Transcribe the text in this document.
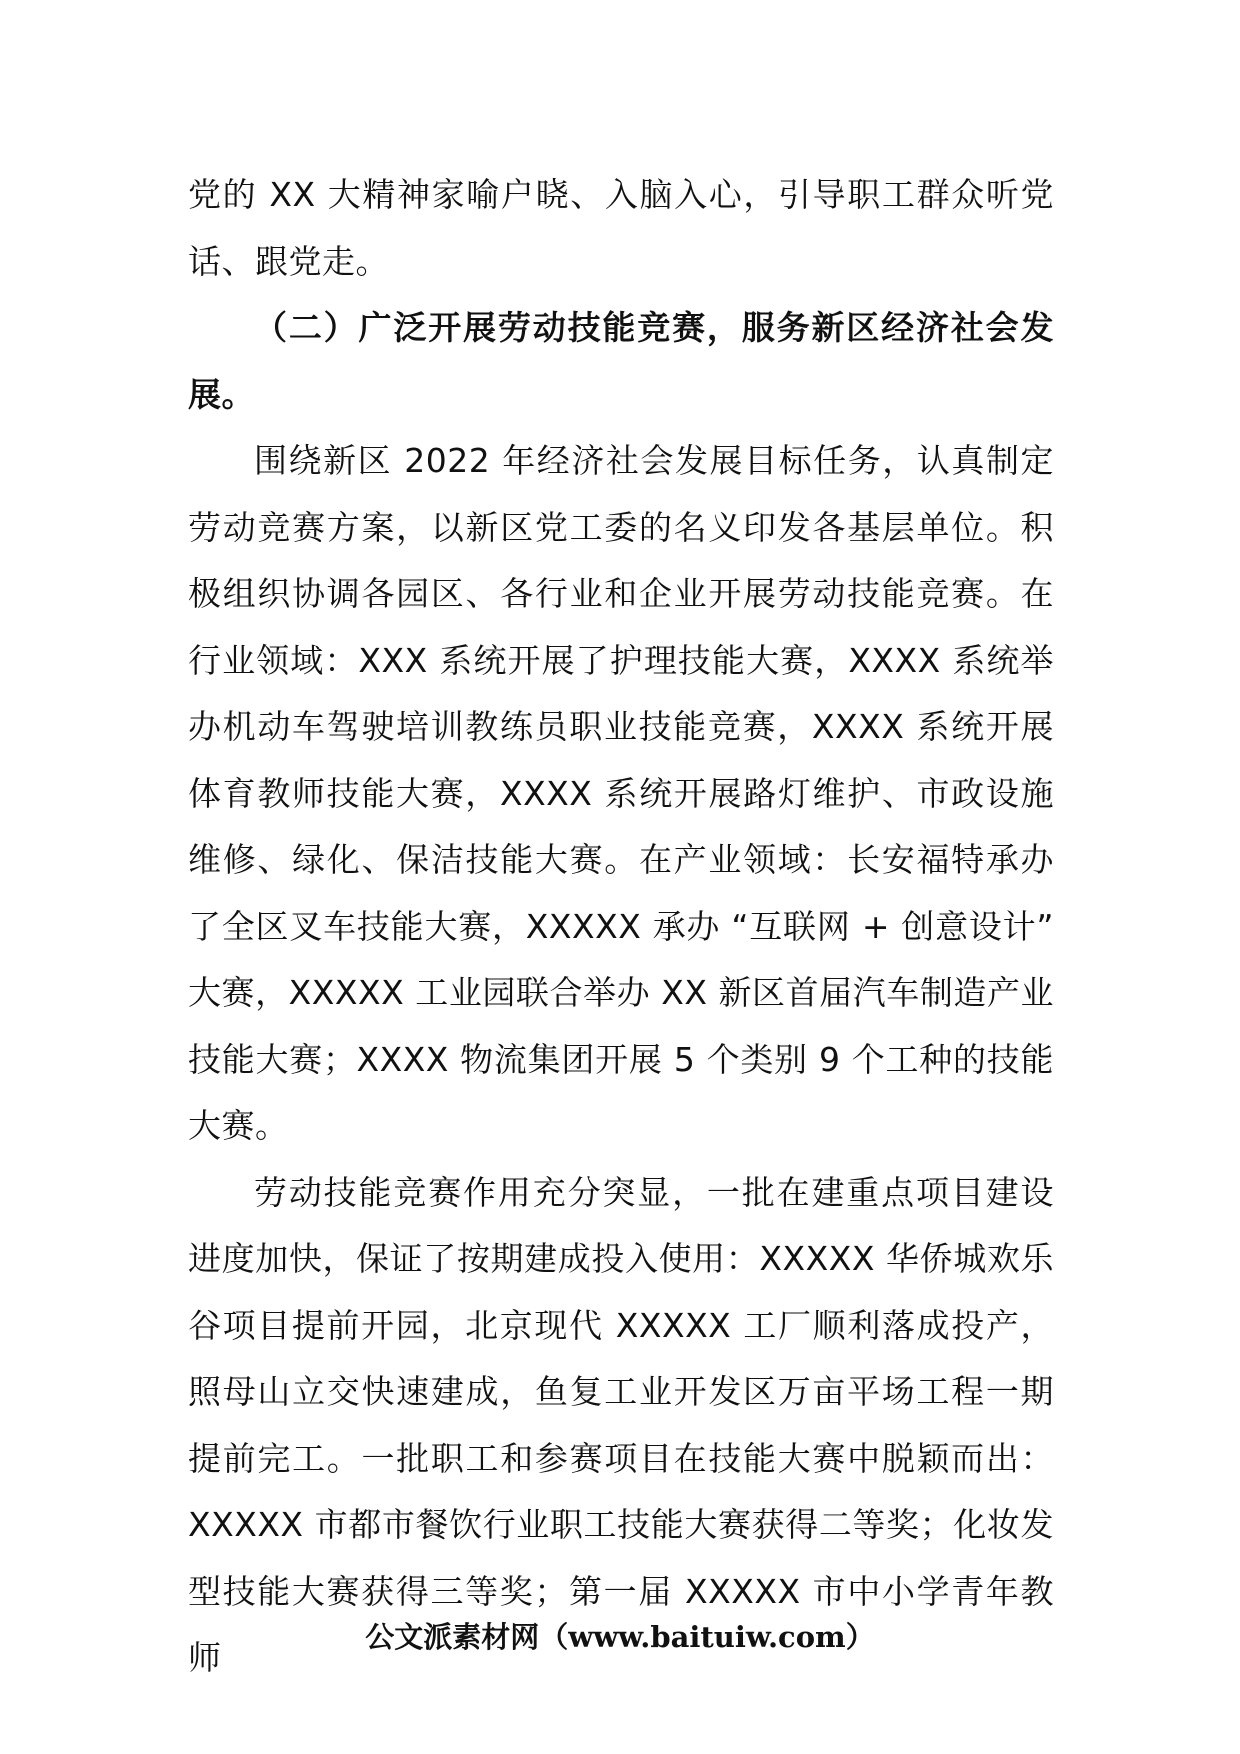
党的 XX 大精神家喻户晓、入脑入心，引导职工群众听党话、跟党走。

（二）广泛开展劳动技能竞赛，服务新区经济社会发展。

围绕新区 2022 年经济社会发展目标任务，认真制定劳动竞赛方案，以新区党工委的名义印发各基层单位。积极组织协调各园区、各行业和企业开展劳动技能竞赛。在行业领域：XXX 系统开展了护理技能大赛，XXXX 系统举办机动车驾驶培训教练员职业技能竞赛，XXXX 系统开展体育教师技能大赛，XXXX 系统开展路灯维护、市政设施维修、绿化、保洁技能大赛。在产业领域：长安福特承办了全区叉车技能大赛，XXXXX 承办 “互联网 + 创意设计” 大赛，XXXXX 工业园联合举办 XX 新区首届汽车制造产业技能大赛；XXXX 物流集团开展 5 个类别 9 个工种的技能大赛。

劳动技能竞赛作用充分突显，一批在建重点项目建设进度加快，保证了按期建成投入使用：XXXXX 华侨城欢乐谷项目提前开园，北京现代 XXXXX 工厂顺利落成投产，照母山立交快速建成，鱼复工业开发区万亩平场工程一期提前完工。一批职工和参赛项目在技能大赛中脱颖而出：XXXXX 市都市餐饮行业职工技能大赛获得二等奖；化妆发型技能大赛获得三等奖；第一届 XXXXX 市中小学青年教师

公文派素材网（www.baituiw.com）
